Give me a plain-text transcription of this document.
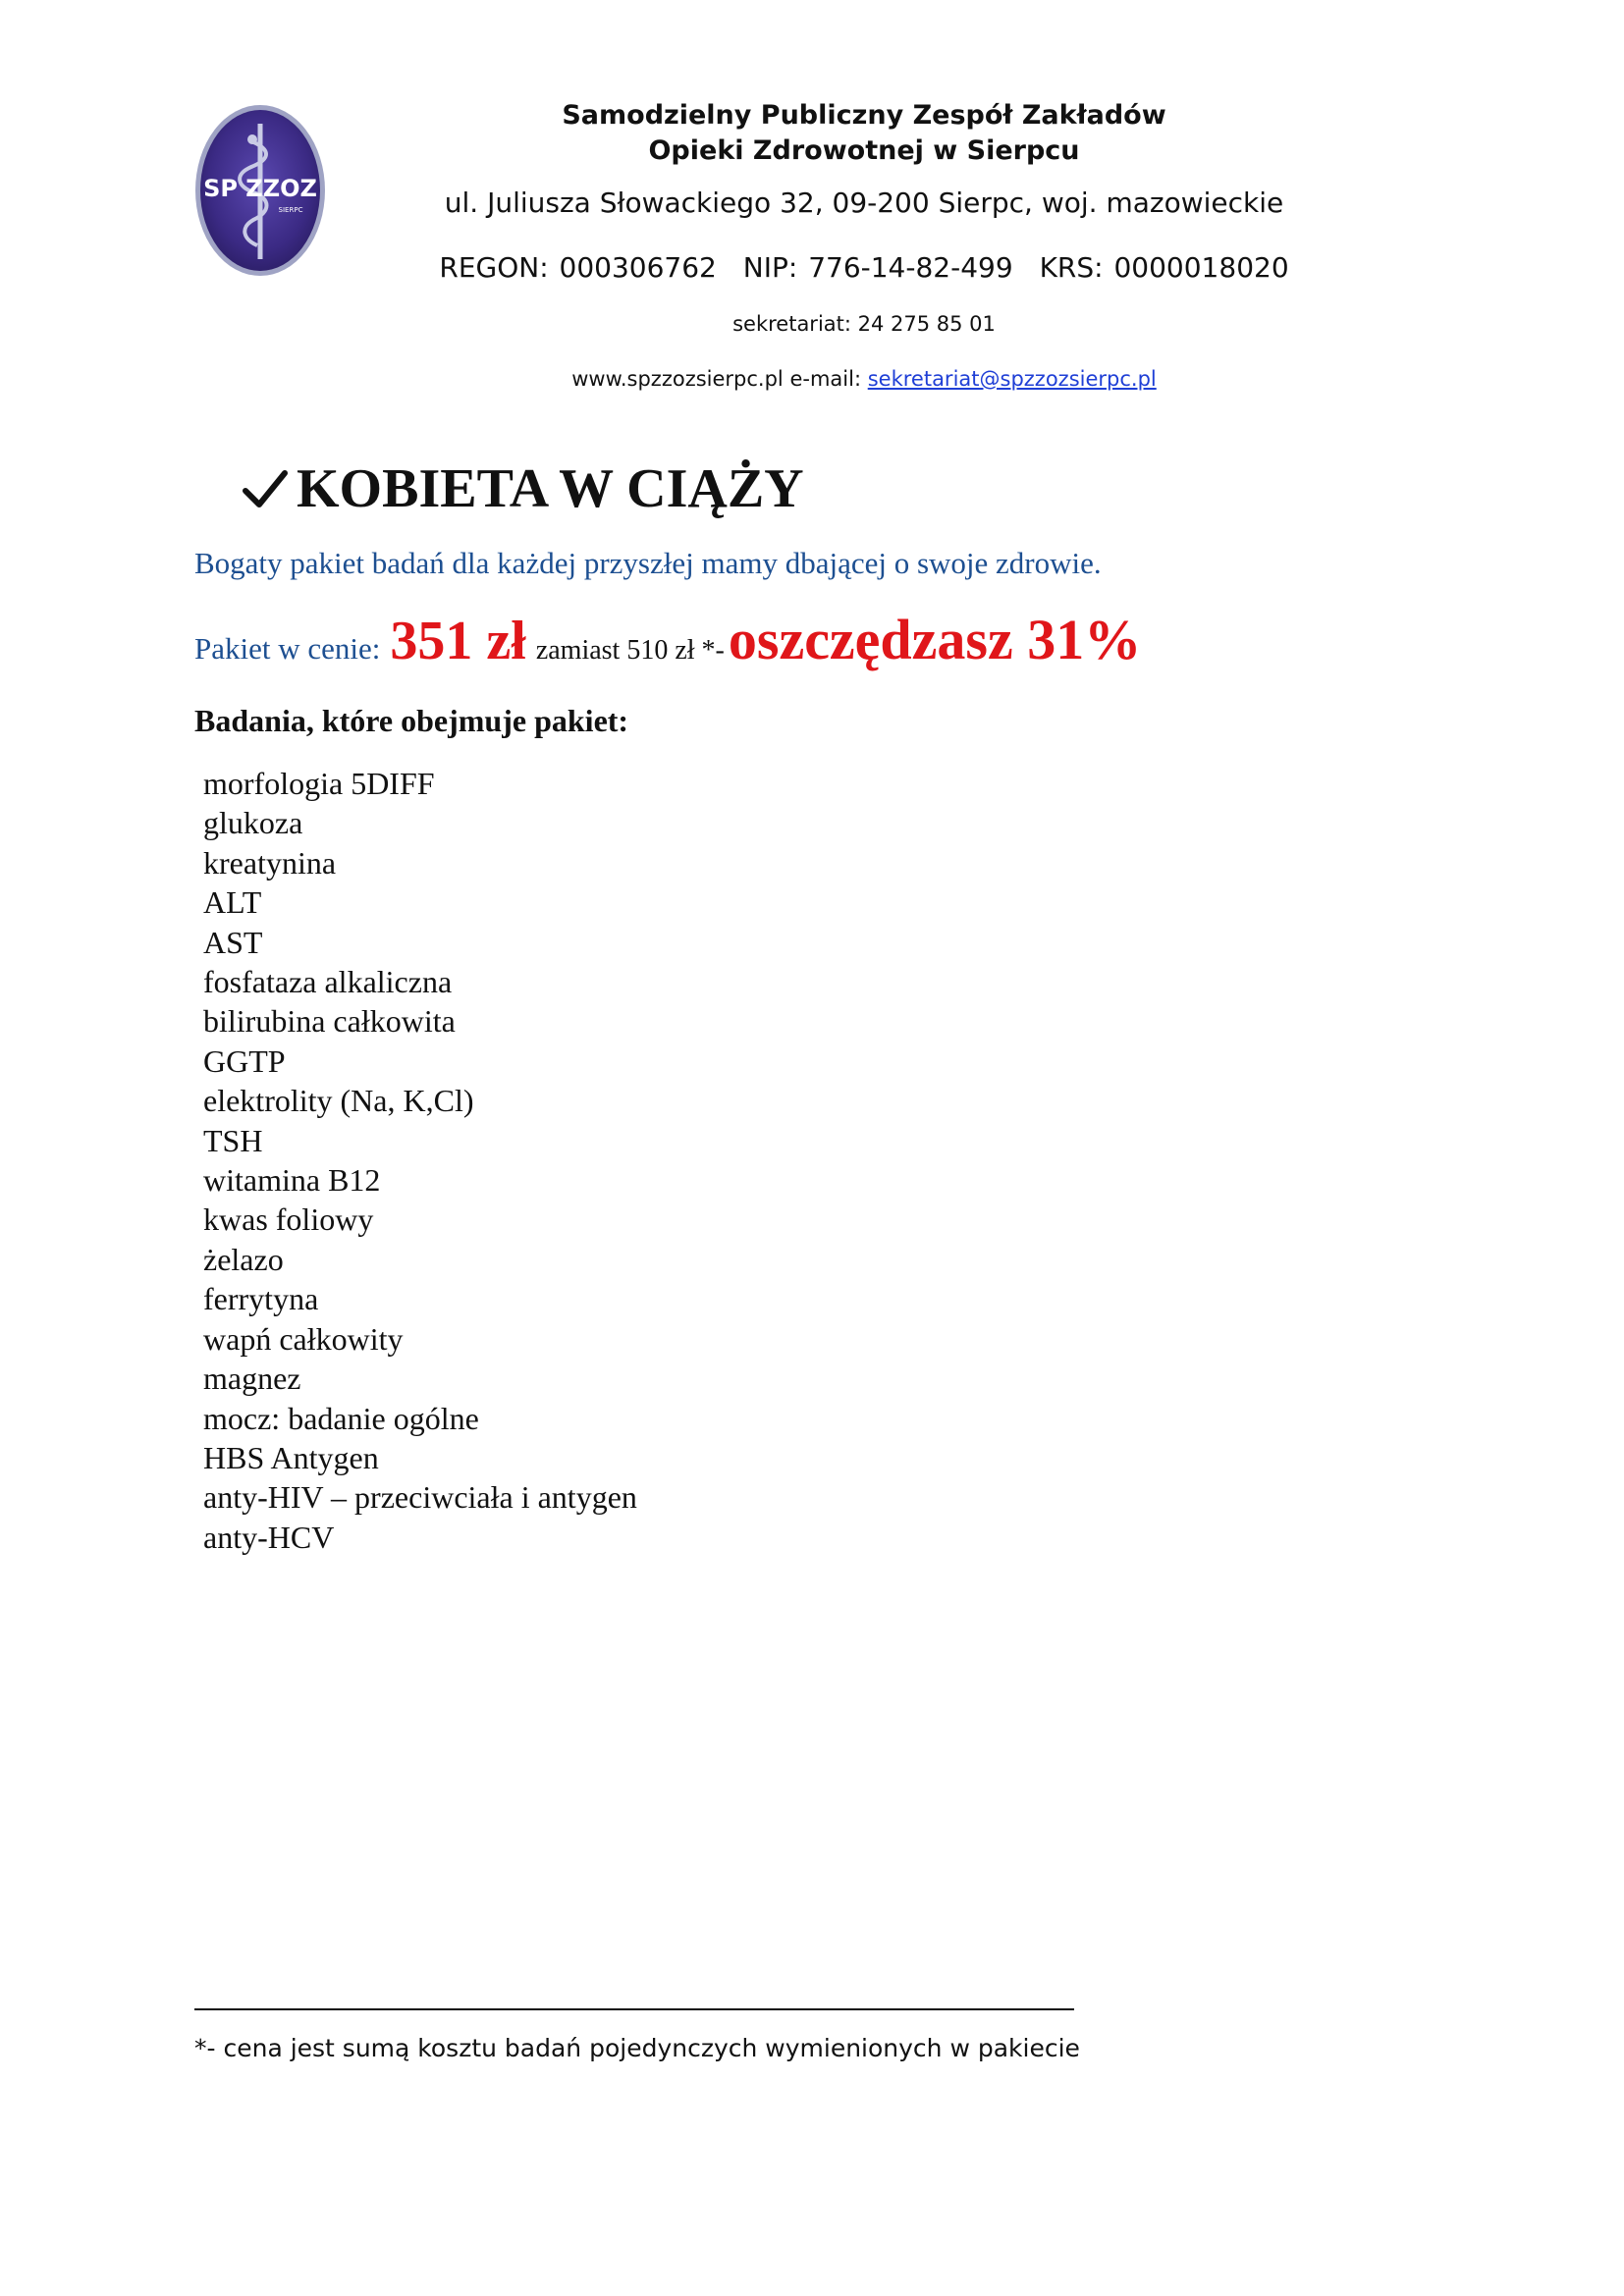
SP ZZOZ
SIERPC
Samodzielny Publiczny Zespół Zakładów
Opieki Zdrowotnej w Sierpcu
ul. Juliusza Słowackiego 32, 09-200 Sierpc, woj. mazowieckie
REGON: 000306762 NIP: 776-14-82-499 KRS: 0000018020
sekretariat: 24 275 85 01
www.spzzozsierpc.pl e-mail: sekretariat@spzzozsierpc.pl
KOBIETA W CIĄŻY
Bogaty pakiet badań dla każdej przyszłej mamy dbającej o swoje zdrowie.
Pakiet w cenie: 351 zł zamiast 510 zł *- oszczędzasz 31%
Badania, które obejmuje pakiet:
morfologia 5DIFF
glukoza
kreatynina
ALT
AST
fosfataza alkaliczna
bilirubina całkowita
GGTP
elektrolity (Na, K,Cl)
TSH
witamina B12
kwas foliowy
żelazo
ferrytyna
wapń całkowity
magnez
mocz: badanie ogólne
HBS Antygen
anty-HIV – przeciwciała i antygen
anty-HCV
*- cena jest sumą kosztu badań pojedynczych wymienionych w pakiecie
